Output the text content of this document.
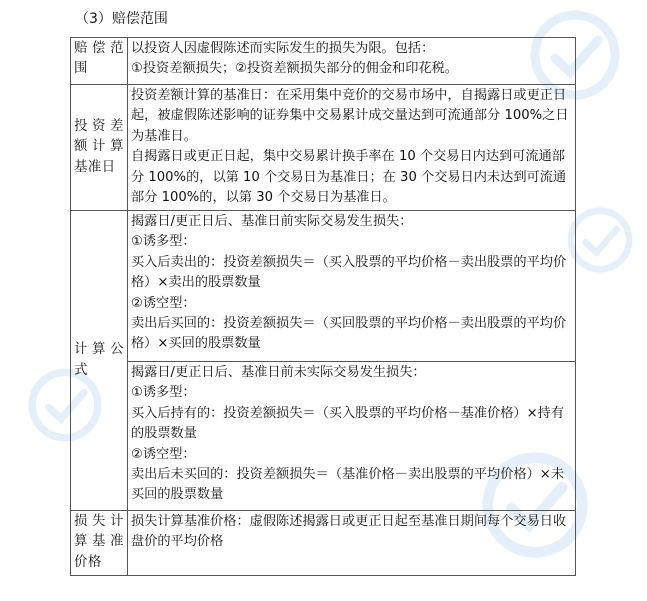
（3）赔偿范围
赔偿范围	以投资人因虚假陈述而实际发生的损失为限。包括：
①投资差额损失；②投资差额损失部分的佣金和印花税。

投资差额计算基准日	投资差额计算的基准日：在采用集中竞价的交易市场中，自揭露日或更正日起，被虚假陈述影响的证券集中交易累计成交量达到可流通部分 100%之日为基准日。
自揭露日或更正日起，集中交易累计换手率在 10 个交易日内达到可流通部分 100%的，以第 10 个交易日为基准日；在 30 个交易日内未达到可流通部分 100%的，以第 30 个交易日为基准日。

计算公式	揭露日/更正日后、基准日前实际交易发生损失：
①诱多型：
买入后卖出的：投资差额损失＝（买入股票的平均价格－卖出股票的平均价格）×卖出的股票数量
②诱空型：
卖出后买回的：投资差额损失＝（买回股票的平均价格－卖出股票的平均价格）×买回的股票数量

	揭露日/更正日后、基准日前未实际交易发生损失：
①诱多型：
买入后持有的：投资差额损失＝（买入股票的平均价格－基准价格）×持有的股票数量
②诱空型：
卖出后未买回的：投资差额损失＝（基准价格－卖出股票的平均价格）×未买回的股票数量

损失计算基准价格	损失计算基准价格：虚假陈述揭露日或更正日起至基准日期间每个交易日收盘价的平均价格
